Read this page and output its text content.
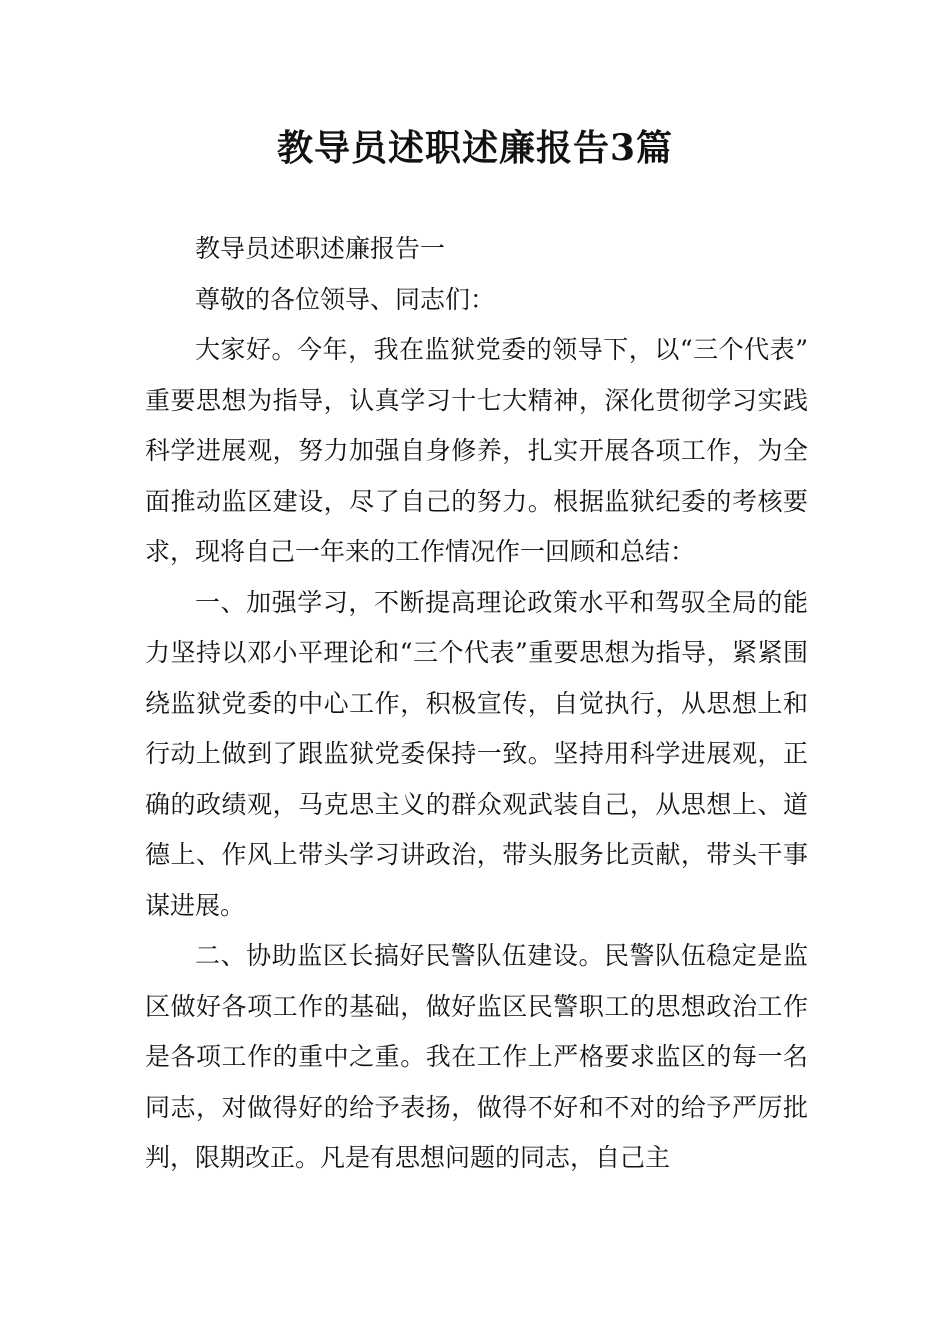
教导员述职述廉报告3篇

教导员述职述廉报告一

尊敬的各位领导、同志们：

大家好。今年，我在监狱党委的领导下，以“三个代表”重要思想为指导，认真学习十七大精神，深化贯彻学习实践科学进展观，努力加强自身修养，扎实开展各项工作，为全面推动监区建设，尽了自己的努力。根据监狱纪委的考核要求，现将自己一年来的工作情况作一回顾和总结：

一、加强学习，不断提高理论政策水平和驾驭全局的能力坚持以邓小平理论和“三个代表”重要思想为指导，紧紧围绕监狱党委的中心工作，积极宣传，自觉执行，从思想上和行动上做到了跟监狱党委保持一致。坚持用科学进展观，正确的政绩观，马克思主义的群众观武装自己，从思想上、道德上、作风上带头学习讲政治，带头服务比贡献，带头干事谋进展。

二、协助监区长搞好民警队伍建设。民警队伍稳定是监区做好各项工作的基础，做好监区民警职工的思想政治工作是各项工作的重中之重。我在工作上严格要求监区的每一名同志，对做得好的给予表扬，做得不好和不对的给予严厉批判，限期改正。凡是有思想问题的同志，自己主
